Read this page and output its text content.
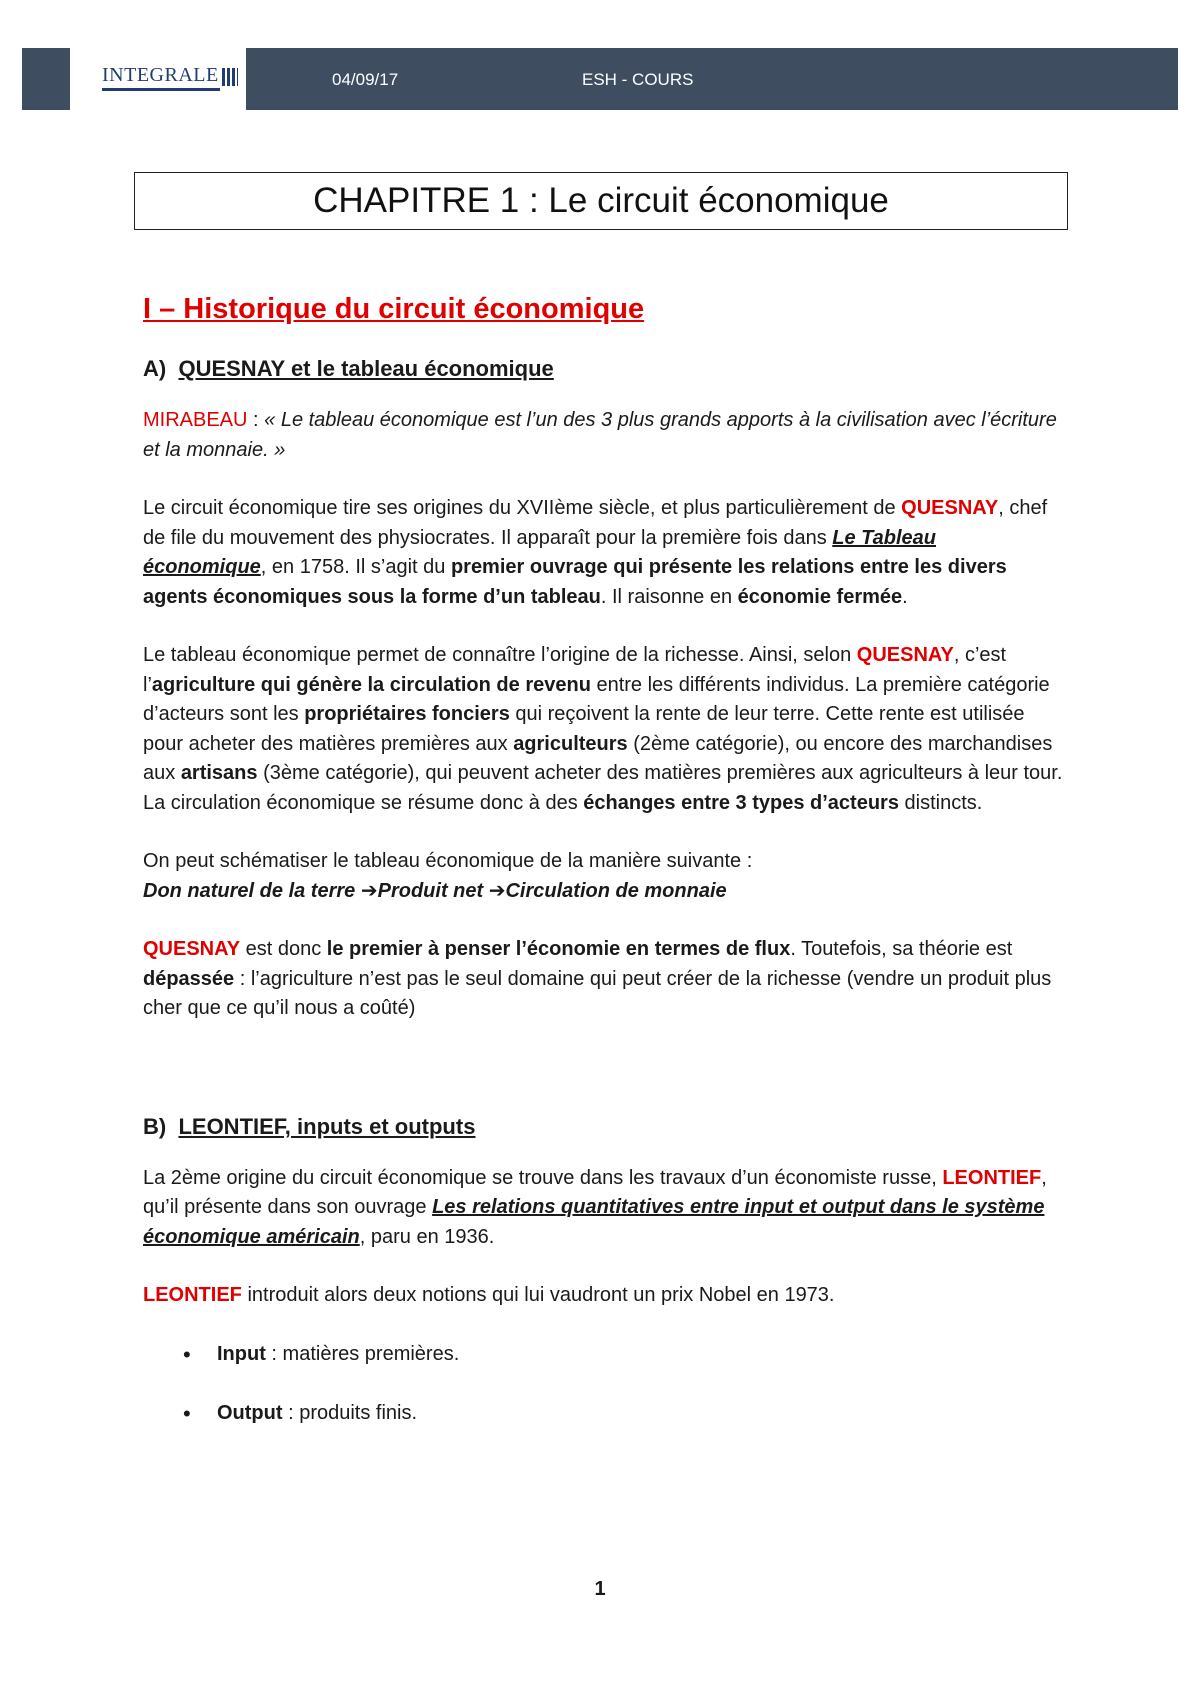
INTEGRALE	04/09/17	ESH - COURS
CHAPITRE 1 : Le circuit économique
I – Historique du circuit économique
A) QUESNAY et le tableau économique

MIRABEAU : « Le tableau économique est l’un des 3 plus grands apports à la civilisation avec l’écriture et la monnaie. »

Le circuit économique tire ses origines du XVIIème siècle, et plus particulièrement de QUESNAY, chef de file du mouvement des physiocrates. Il apparaît pour la première fois dans Le Tableau économique, en 1758. Il s’agit du premier ouvrage qui présente les relations entre les divers agents économiques sous la forme d’un tableau. Il raisonne en économie fermée.

Le tableau économique permet de connaître l’origine de la richesse. Ainsi, selon QUESNAY, c’est l’agriculture qui génère la circulation de revenu entre les différents individus. La première catégorie d’acteurs sont les propriétaires fonciers qui reçoivent la rente de leur terre. Cette rente est utilisée pour acheter des matières premières aux agriculteurs (2ème catégorie), ou encore des marchandises aux artisans (3ème catégorie), qui peuvent acheter des matières premières aux agriculteurs à leur tour. La circulation économique se résume donc à des échanges entre 3 types d’acteurs distincts.

On peut schématiser le tableau économique de la manière suivante :
Don naturel de la terre ➔Produit net ➔Circulation de monnaie

QUESNAY est donc le premier à penser l’économie en termes de flux. Toutefois, sa théorie est dépassée : l’agriculture n’est pas le seul domaine qui peut créer de la richesse (vendre un produit plus cher que ce qu’il nous a coûté)

B) LEONTIEF, inputs et outputs

La 2ème origine du circuit économique se trouve dans les travaux d’un économiste russe, LEONTIEF, qu’il présente dans son ouvrage Les relations quantitatives entre input et output dans le système économique américain, paru en 1936.

LEONTIEF introduit alors deux notions qui lui vaudront un prix Nobel en 1973.

• Input : matières premières.
• Output : produits finis.
1
